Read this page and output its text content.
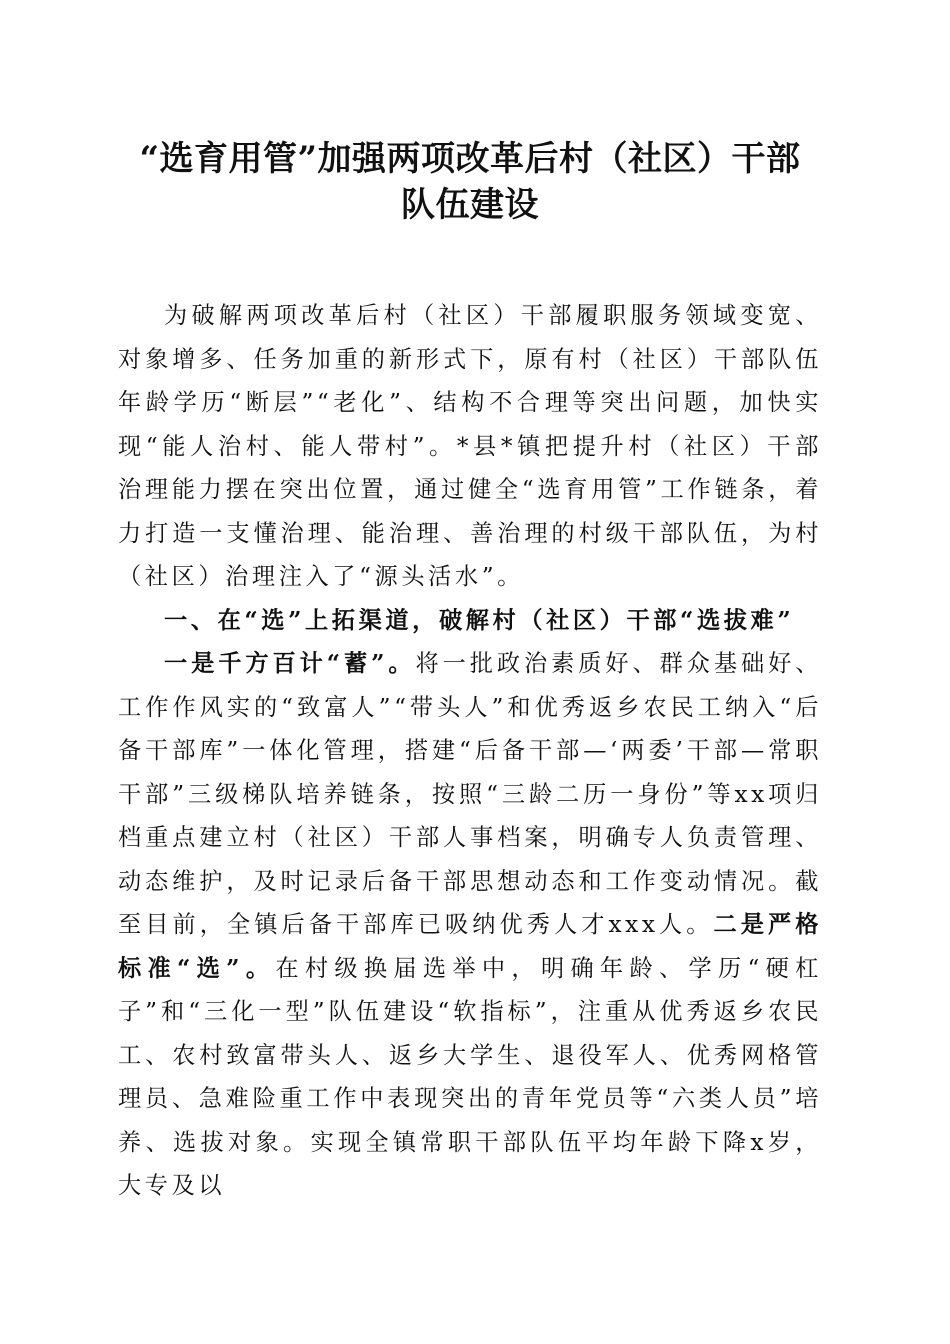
“选育用管”加强两项改革后村（社区）干部
队伍建设

为破解两项改革后村（社区）干部履职服务领域变宽、对象增多、任务加重的新形式下，原有村（社区）干部队伍年龄学历“断层”“老化”、结构不合理等突出问题，加快实现“能人治村、能人带村”。*县*镇把提升村（社区）干部治理能力摆在突出位置，通过健全“选育用管”工作链条，着力打造一支懂治理、能治理、善治理的村级干部队伍，为村（社区）治理注入了“源头活水”。

一、在“选”上拓渠道，破解村（社区）干部“选拔难”

一是千方百计“蓄”。将一批政治素质好、群众基础好、工作作风实的“致富人”“带头人”和优秀返乡农民工纳入“后备干部库”一体化管理，搭建“后备干部—‘两委’干部—常职干部”三级梯队培养链条，按照“三龄二历一身份”等xx项归档重点建立村（社区）干部人事档案，明确专人负责管理、动态维护，及时记录后备干部思想动态和工作变动情况。截至目前，全镇后备干部库已吸纳优秀人才xxx人。二是严格标准“选”。在村级换届选举中，明确年龄、学历“硬杠子”和“三化一型”队伍建设“软指标”，注重从优秀返乡农民工、农村致富带头人、返乡大学生、退役军人、优秀网格管理员、急难险重工作中表现突出的青年党员等“六类人员”培养、选拔对象。实现全镇常职干部队伍平均年龄下降x岁，大专及以
